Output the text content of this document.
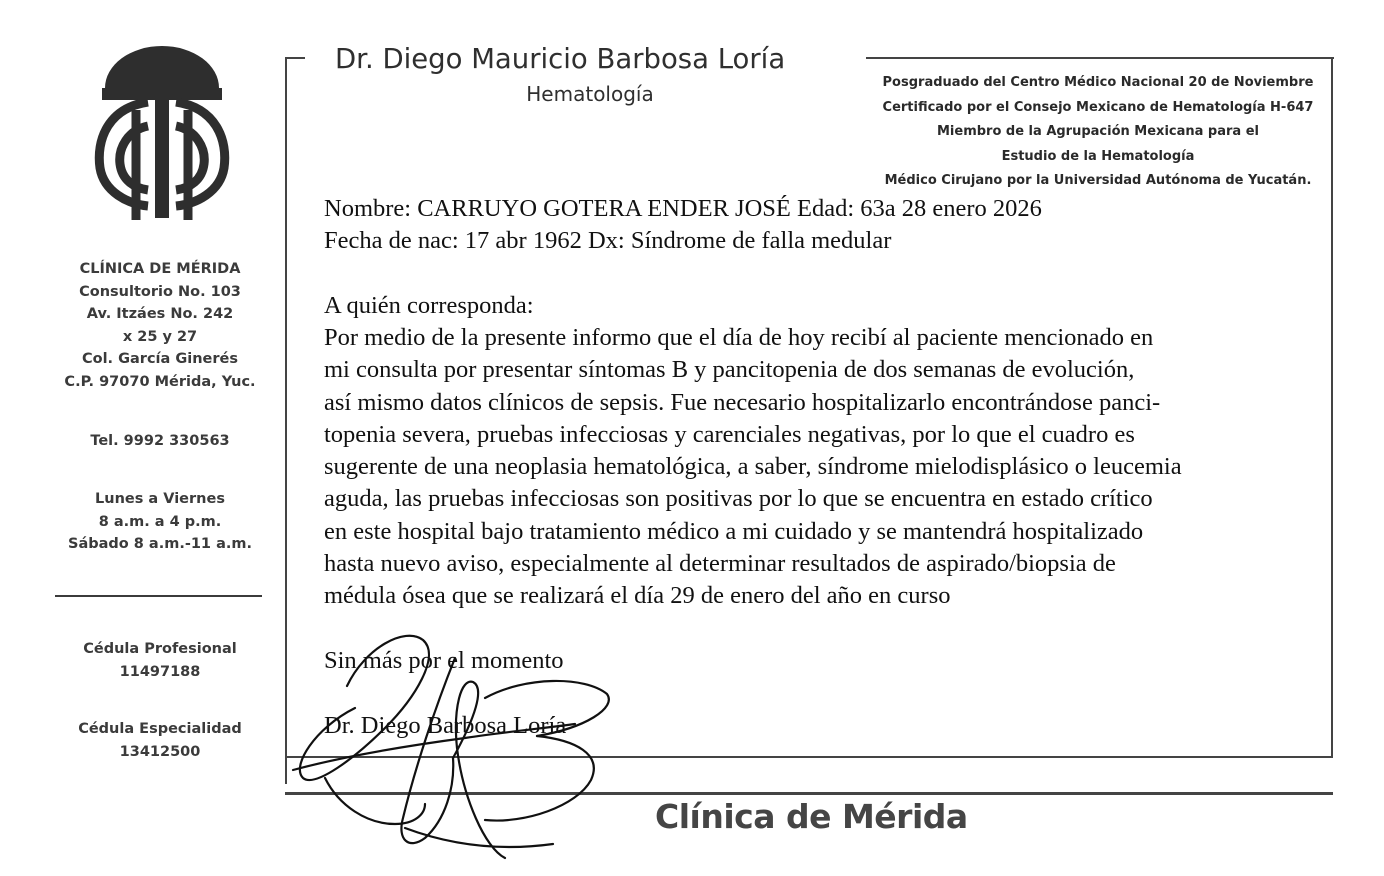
CLÍNICA DE MÉRIDA
Consultorio No. 103
Av. Itzáes No. 242
x 25 y 27
Col. García Ginerés
C.P. 97070 Mérida, Yuc.
Tel. 9992 330563
Lunes a Viernes
8 a.m. a 4 p.m.
Sábado 8 a.m.-11 a.m.
Cédula Profesional
11497188
Cédula Especialidad
13412500
Dr. Diego Mauricio Barbosa Loría
Hematología	Posgraduado del Centro Médico Nacional 20 de Noviembre
Certificado por el Consejo Mexicano de Hematología H-647
Miembro de la Agrupación Mexicana para el
Estudio de la Hematología
Médico Cirujano por la Universidad Autónoma de Yucatán.
Nombre: CARRUYO GOTERA ENDER JOSÉ Edad: 63a 28 enero 2026
Fecha de nac: 17 abr 1962 Dx: Síndrome de falla medular
A quién corresponda:
Por medio de la presente informo que el día de hoy recibí al paciente mencionado en
mi consulta por presentar síntomas B y pancitopenia de dos semanas de evolución,
así mismo datos clínicos de sepsis. Fue necesario hospitalizarlo encontrándose panci-
topenia severa, pruebas infecciosas y carenciales negativas, por lo que el cuadro es
sugerente de una neoplasia hematológica, a saber, síndrome mielodisplásico o leucemia
aguda, las pruebas infecciosas son positivas por lo que se encuentra en estado crítico
en este hospital bajo tratamiento médico a mi cuidado y se mantendrá hospitalizado
hasta nuevo aviso, especialmente al determinar resultados de aspirado/biopsia de
médula ósea que se realizará el día 29 de enero del año en curso
Sin más por el momento
Dr. Diego Barbosa Loría
Clínica de Mérida
